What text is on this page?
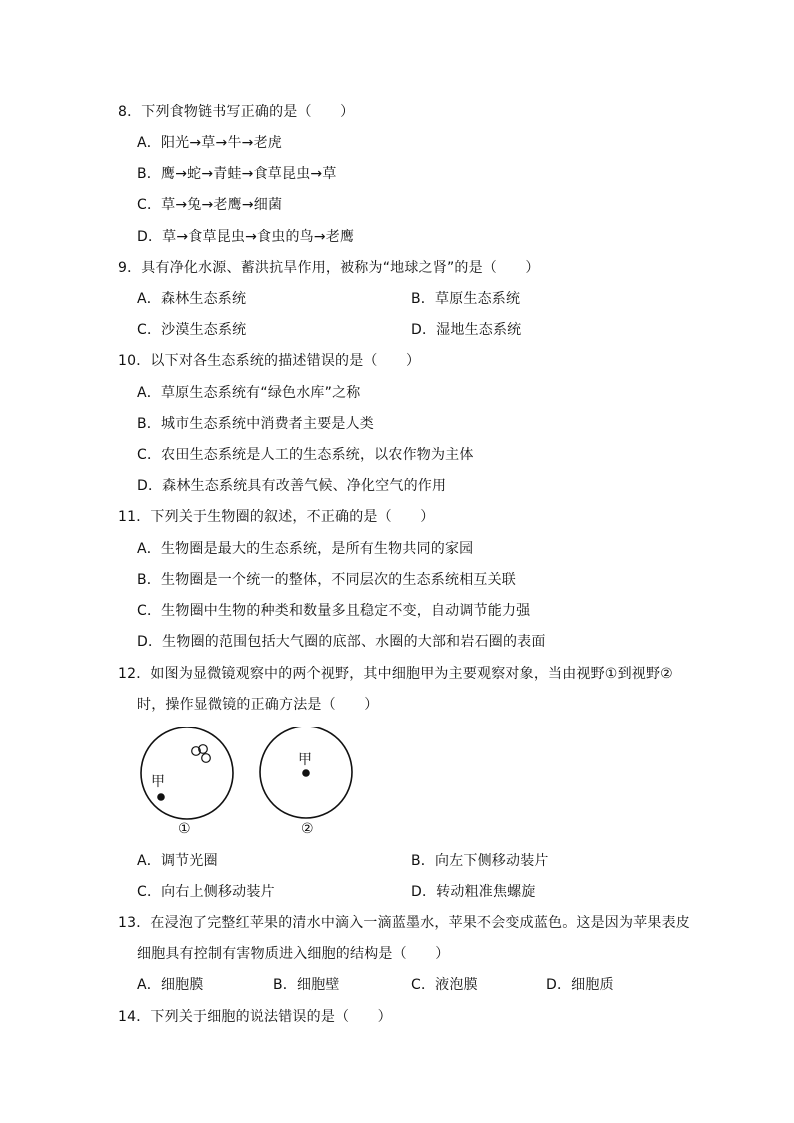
8．下列食物链书写正确的是（　　）
A．阳光→草→牛→老虎
B．鹰→蛇→青蛙→食草昆虫→草
C．草→兔→老鹰→细菌
D．草→食草昆虫→食虫的鸟→老鹰
9．具有净化水源、蓄洪抗旱作用，被称为“地球之肾”的是（　　）
A．森林生态系统	B．草原生态系统
C．沙漠生态系统	D．湿地生态系统
10．以下对各生态系统的描述错误的是（　　）
A．草原生态系统有“绿色水库”之称
B．城市生态系统中消费者主要是人类
C．农田生态系统是人工的生态系统，以农作物为主体
D．森林生态系统具有改善气候、净化空气的作用
11．下列关于生物圈的叙述，不正确的是（　　）
A．生物圈是最大的生态系统，是所有生物共同的家园
B．生物圈是一个统一的整体，不同层次的生态系统相互关联
C．生物圈中生物的种类和数量多且稳定不变，自动调节能力强
D．生物圈的范围包括大气圈的底部、水圈的大部和岩石圈的表面
12．如图为显微镜观察中的两个视野，其中细胞甲为主要观察对象，当由视野①到视野②
时，操作显微镜的正确方法是（　　）
甲
甲
①	②
A．调节光圈	B．向左下侧移动装片
C．向右上侧移动装片	D．转动粗准焦螺旋
13．在浸泡了完整红苹果的清水中滴入一滴蓝墨水，苹果不会变成蓝色。这是因为苹果表皮
细胞具有控制有害物质进入细胞的结构是（　　）
A．细胞膜	B．细胞壁	C．液泡膜	D．细胞质
14．下列关于细胞的说法错误的是（　　）
